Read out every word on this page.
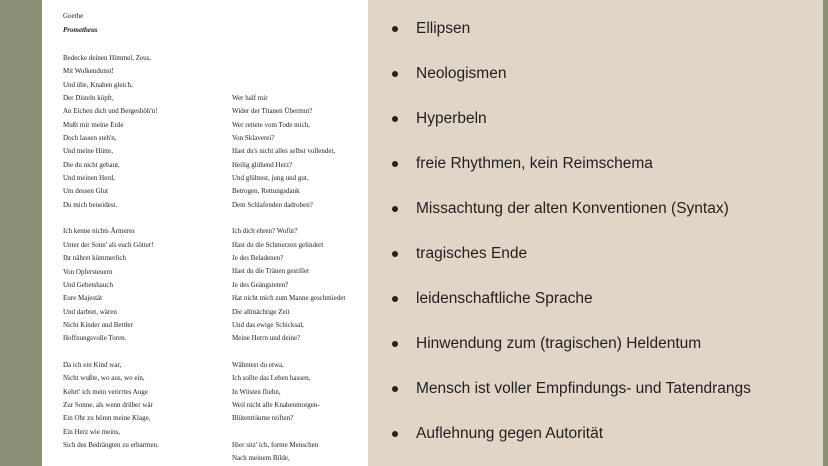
Goethe
Prometheus
Bedecke deinen Himmel, Zeus,
Mit Wolkendunst!
Und übe, Knaben gleich,
Der Disteln köpft,
An Eichen dich und Bergeshöh'n!
Mußt mir meine Erde
Doch lassen steh'n,
Und meine Hütte,
Die du nicht gebaut,
Und meinen Herd,
Um dessen Glut
Du mich beneidest.
Ich kenne nichts Ärmeres
Unter der Sonn' als euch Götter!
Ihr nähret kümmerlich
Von Opfersteuern
Und Gebetshauch
Eure Majestät
Und darbtet, wären
Nicht Kinder und Bettler
Hoffnungsvolle Toren.
Da ich ein Kind war,
Nicht wußte, wo aus, wo ein,
Kehrt' ich mein verirrtes Auge
Zur Sonne, als wenn drüber wär
Ein Ohr zu hören meine Klage,
Ein Herz wie meins,
Sich des Bedrängten zu erbarmen.
Wer half mir
Wider der Titanen Übermut?
Wer rettete vom Tode mich,
Von Sklaverei?
Hast du's nicht alles selbst vollendet,
Heilig glühend Herz?
Und glühtest, jung und gut,
Betrogen, Rettungsdank
Dem Schlafenden dadroben?
Ich dich ehren? Wofür?
Hast du die Schmerzen gelindert
Je des Beladenen?
Hast du die Tränen gestillet
Je des Geängsteten?
Hat nicht mich zum Manne geschmiedet
Die allmächtige Zeit
Und das ewige Schicksal,
Meine Herrn und deine?
Wähntest du etwa,
Ich sollte das Leben hassen,
In Wüsten fliehn,
Weil nicht alle Knabenmorgen-
Blütenträume reiften?
Hier sitz' ich, forme Menschen
Nach meinem Bilde,
Ellipsen
Neologismen
Hyperbeln
freie Rhythmen, kein Reimschema
Missachtung der alten Konventionen (Syntax)
tragisches Ende
leidenschaftliche Sprache
Hinwendung zum (tragischen) Heldentum
Mensch ist voller Empfindungs- und Tatendrangs
Auflehnung gegen Autorität
